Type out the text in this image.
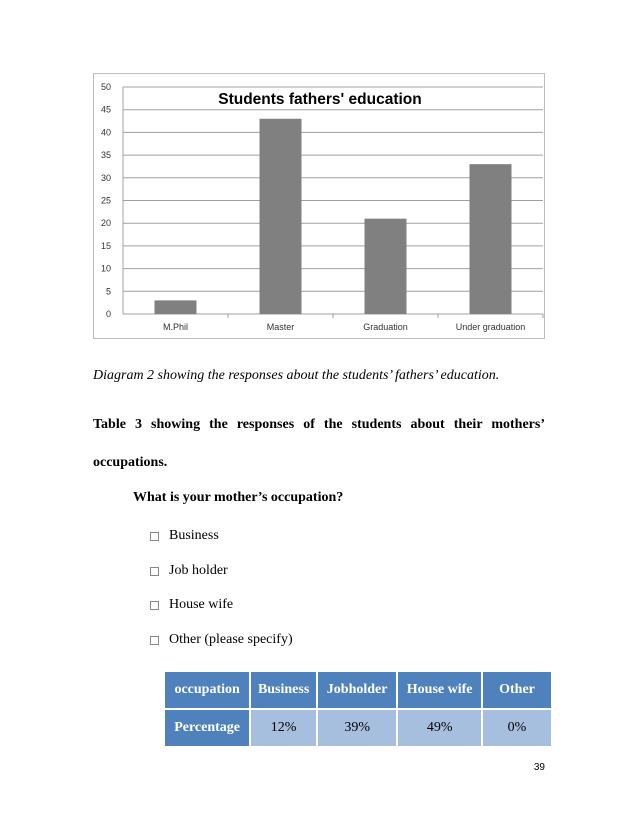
0
5
10
15
20
25
30
35
40
45
50
M.Phil	Master	Graduation	Under graduation
Students fathers' education
Diagram 2 showing the responses about the students’ fathers’ education.
Table 3 showing the responses of the students about their mothers’ occupations.
What is your mother’s occupation?
Business
Job holder
House wife
Other (please specify)
occupation	Business	Jobholder	House wife	Other
Percentage	12%	39%	49%	0%
39
